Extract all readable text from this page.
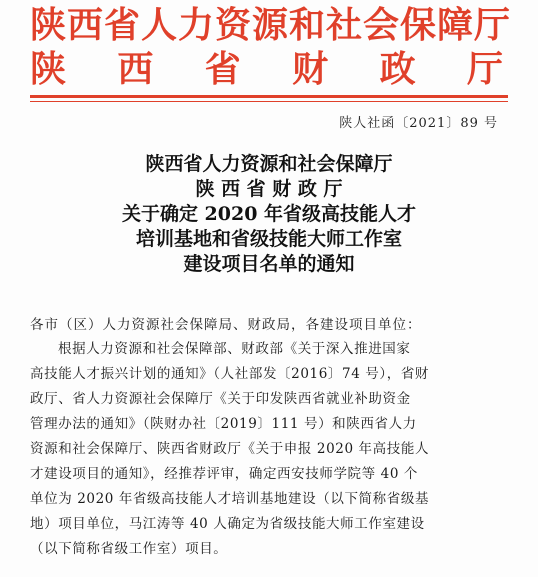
陕西省人力资源和社会保障厅
陕 西 省 财 政 厅
陕人社函〔2021〕89 号
陕西省人力资源和社会保障厅
陕 西 省 财 政 厅
关于确定 2020 年省级高技能人才
培训基地和省级技能大师工作室
建设项目名单的通知
各市（区）人力资源社会保障局、财政局，各建设项目单位：
根据人力资源和社会保障部、财政部《关于深入推进国家
高技能人才振兴计划的通知》（人社部发〔2016〕74 号），省财
政厅、省人力资源社会保障厅《关于印发陕西省就业补助资金
管理办法的通知》（陕财办社〔2019〕111 号）和陕西省人力
资源和社会保障厅、陕西省财政厅《关于申报 2020 年高技能人
才建设项目的通知》，经推荐评审，确定西安技师学院等 40 个
单位为 2020 年省级高技能人才培训基地建设（以下简称省级基
地）项目单位，马江涛等 40 人确定为省级技能大师工作室建设
（以下简称省级工作室）项目。
